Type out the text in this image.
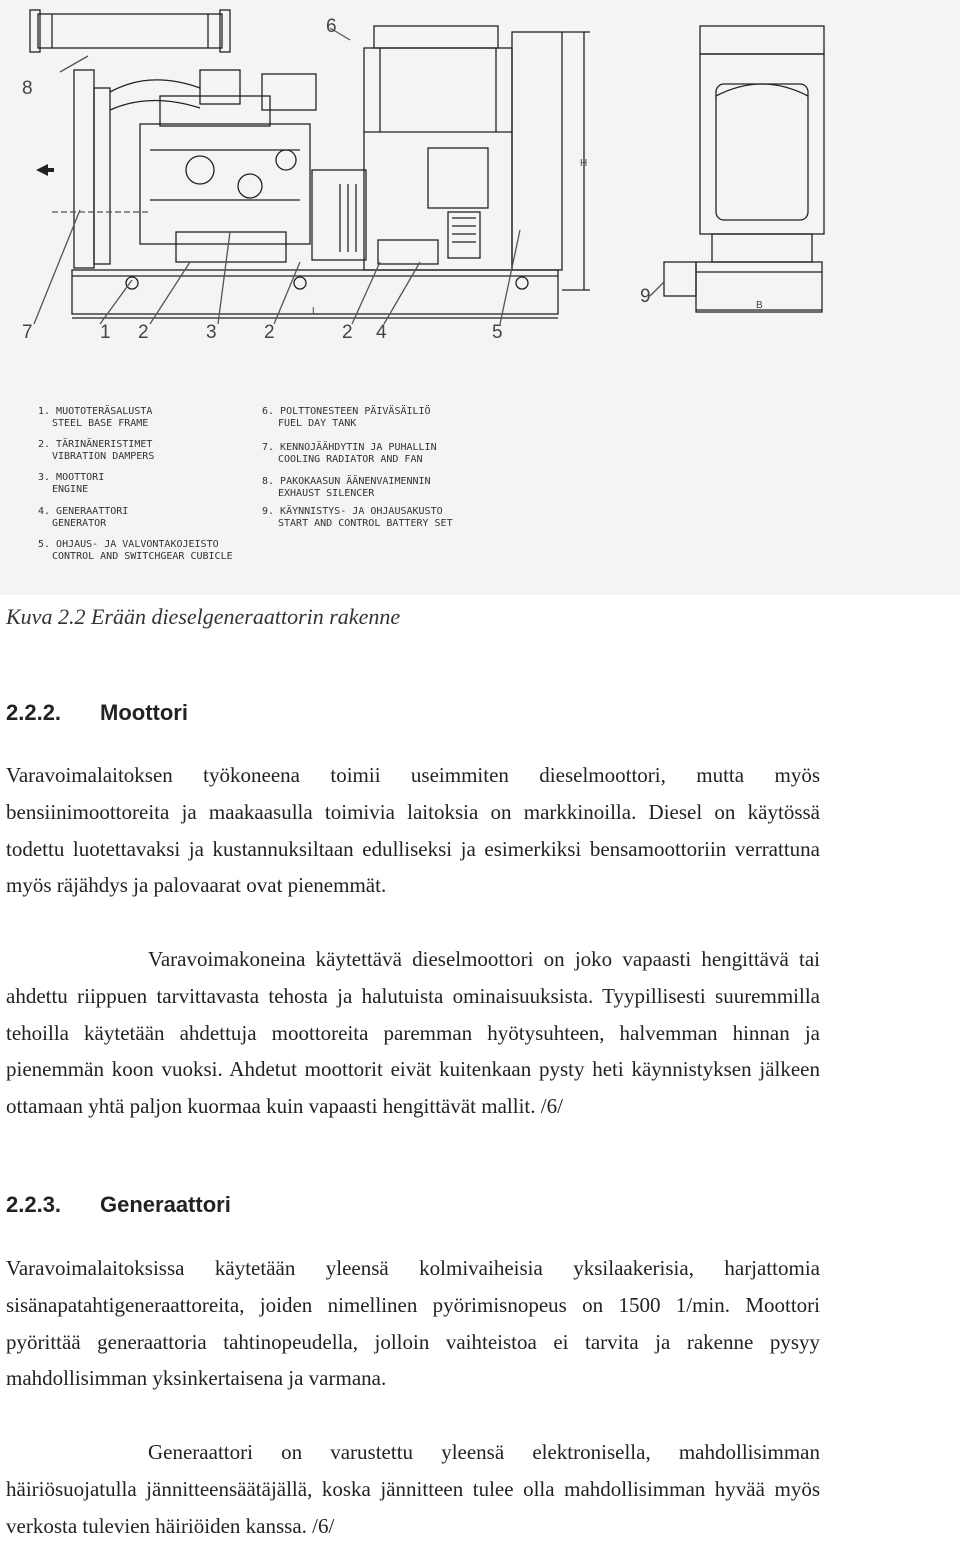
8
6
H
L
B
9
7	1 2	3 2	2 4	5
1. MUOTOTERÄSALUSTA
STEEL BASE FRAME
2. TÄRINÄNERISTIMET
VIBRATION DAMPERS
3. MOOTTORI
ENGINE
4. GENERAATTORI
GENERATOR
5. OHJAUS- JA VALVONTAKOJEISTO
CONTROL AND SWITCHGEAR CUBICLE
6. POLTTONESTEEN PÄIVÄSÄILIÖ
FUEL DAY TANK
7. KENNOJÄÄHDYTIN JA PUHALLIN
COOLING RADIATOR AND FAN
8. PAKOKAASUN ÄÄNENVAIMENNIN
EXHAUST SILENCER
9. KÄYNNISTYS- JA OHJAUSAKUSTO
START AND CONTROL BATTERY SET
Kuva 2.2 Erään dieselgeneraattorin rakenne
2.2.2. Moottori

Varavoimalaitoksen työkoneena toimii useimmiten dieselmoottori, mutta myös bensiinimoottoreita ja maakaasulla toimivia laitoksia on markkinoilla. Diesel on käytössä todettu luotettavaksi ja kustannuksiltaan edulliseksi ja esimerkiksi bensamoottoriin verrattuna myös räjähdys ja palovaarat ovat pienemmät.

Varavoimakoneina käytettävä dieselmoottori on joko vapaasti hengittävä tai ahdettu riippuen tarvittavasta tehosta ja halutuista ominaisuuksista. Tyypillisesti suuremmilla tehoilla käytetään ahdettuja moottoreita paremman hyötysuhteen, halvemman hinnan ja pienemmän koon vuoksi. Ahdetut moottorit eivät kuitenkaan pysty heti käynnistyksen jälkeen ottamaan yhtä paljon kuormaa kuin vapaasti hengittävät mallit. /6/

2.2.3. Generaattori

Varavoimalaitoksissa käytetään yleensä kolmivaiheisia yksilaakerisia, harjattomia sisänapatahtigeneraattoreita, joiden nimellinen pyörimisnopeus on 1500 1/min. Moottori pyörittää generaattoria tahtinopeudella, jolloin vaihteistoa ei tarvita ja rakenne pysyy mahdollisimman yksinkertaisena ja varmana.

Generaattori on varustettu yleensä elektronisella, mahdollisimman häiriösuojatulla jännitteensäätäjällä, koska jännitteen tulee olla mahdollisimman hyvää myös verkosta tulevien häiriöiden kanssa. /6/
